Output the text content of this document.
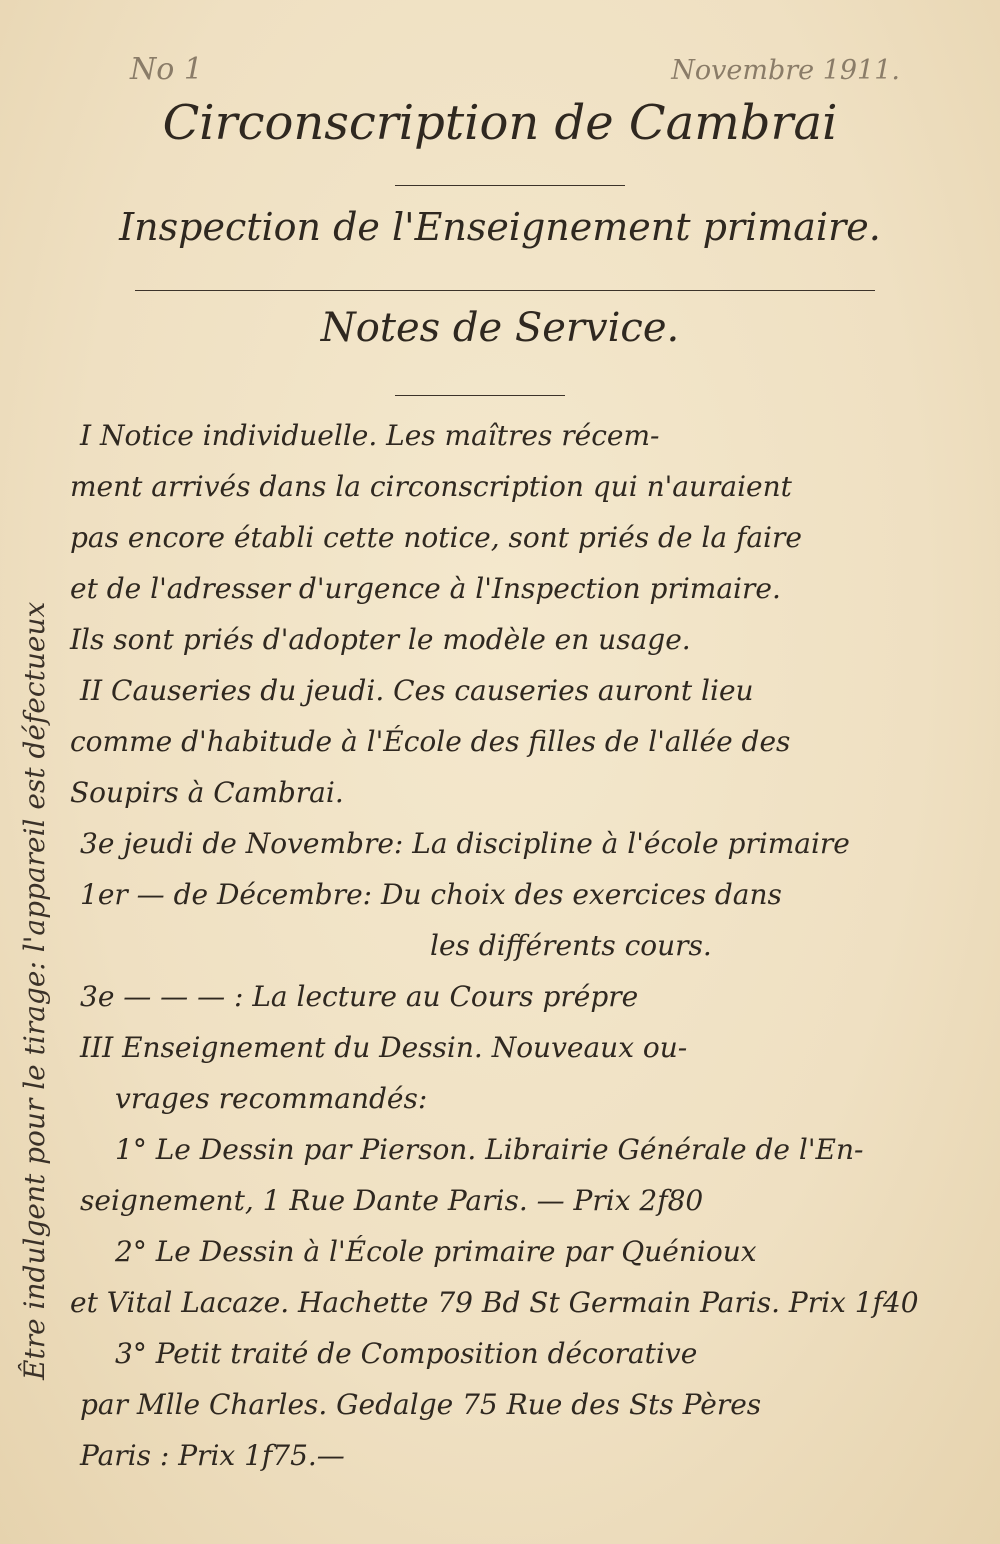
No 1	Novembre 1911.
Circonscription de Cambrai
Inspection de l'Enseignement primaire.
Notes de Service.
I Notice individuelle. Les maîtres récem-
ment arrivés dans la circonscription qui n'auraient
pas encore établi cette notice, sont priés de la faire
et de l'adresser d'urgence à l'Inspection primaire.
Ils sont priés d'adopter le modèle en usage.
II Causeries du jeudi. Ces causeries auront lieu
comme d'habitude à l'École des filles de l'allée des
Soupirs à Cambrai.
3e jeudi de Novembre: La discipline à l'école primaire
1er — de Décembre: Du choix des exercices dans
les différents cours.
3e — — — : La lecture au Cours prépre
III Enseignement du Dessin. Nouveaux ou-
vrages recommandés:
1° Le Dessin par Pierson. Librairie Générale de l'En-
seignement, 1 Rue Dante Paris. — Prix 2f80
2° Le Dessin à l'École primaire par Quénioux
et Vital Lacaze. Hachette 79 Bd St Germain Paris. Prix 1f40
3° Petit traité de Composition décorative
par Mlle Charles. Gedalge 75 Rue des Sts Pères
Paris : Prix 1f75.—
Être indulgent pour le tirage: l'appareil est défectueux
